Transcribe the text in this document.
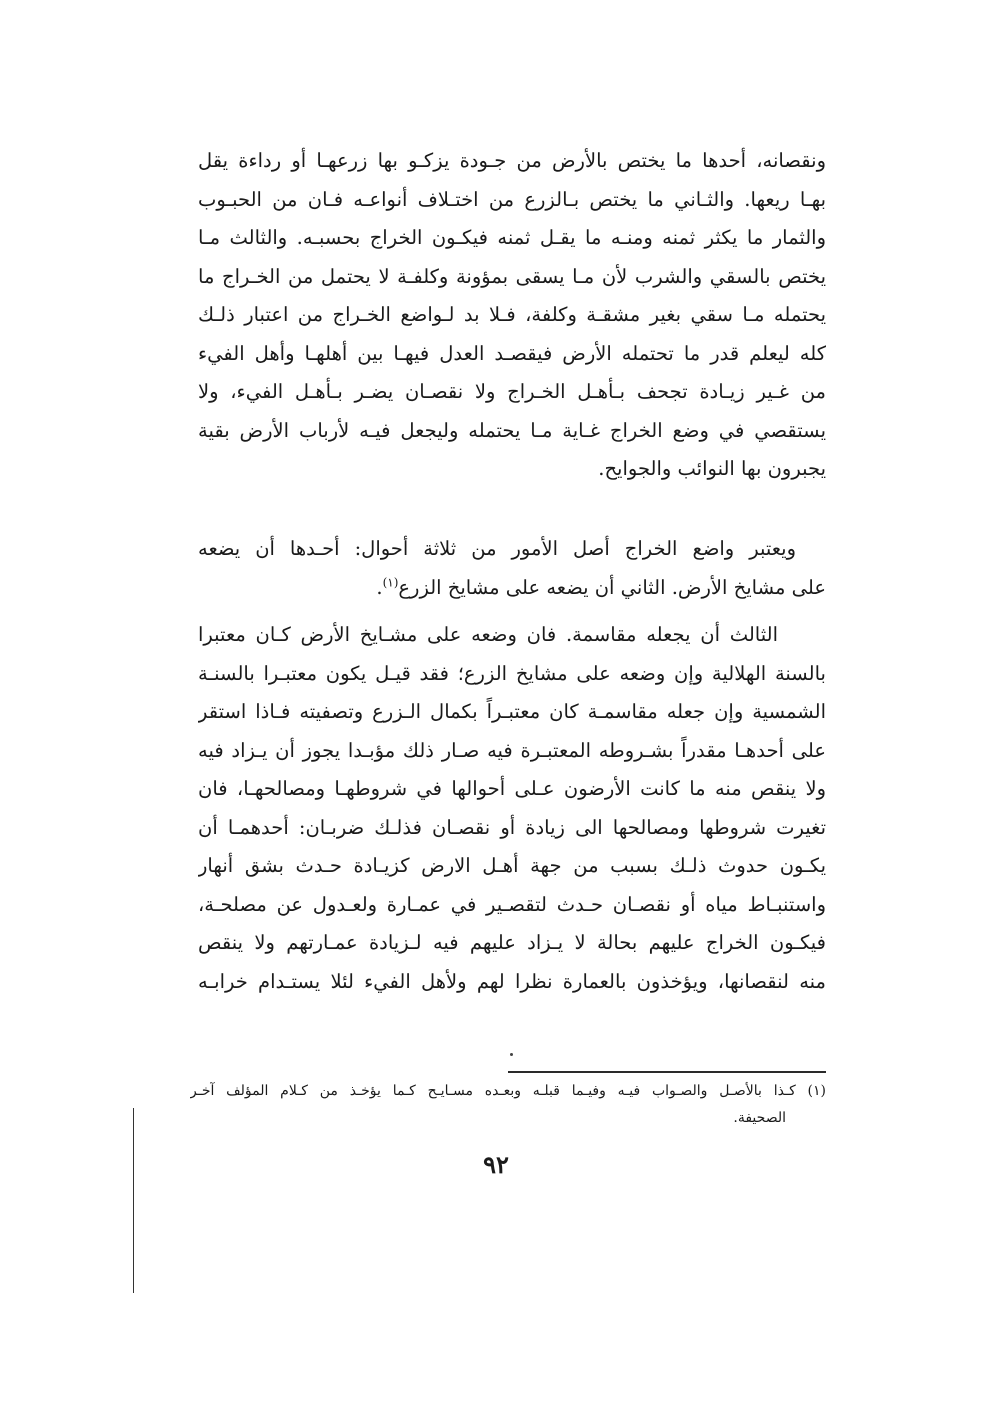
ونقصانه، أحدها ما يختص بالأرض من جـودة يزكـو بها زرعهـا أو رداءة يقل
بهـا ريعها. والثـاني ما يختص بـالزرع من اختـلاف أنواعـه فـان من الحبـوب
والثمار ما يكثر ثمنه ومنـه ما يقـل ثمنه فيكـون الخراج بحسبـه. والثالث مـا
يختص بالسقي والشرب لأن مـا يسقى بمؤونة وكلفـة لا يحتمل من الخـراج ما
يحتمله مـا سقي بغير مشقـة وكلفة، فـلا بد لـواضع الخـراج من اعتبار ذلـك
كله ليعلم قدر ما تحتمله الأرض فيقصـد العدل فيهـا بين أهلهـا وأهل الفيء
من غـير زيـادة تجحف بـأهـل الخـراج ولا نقصـان يضـر بـأهـل الفيء، ولا
يستقصي في وضع الخراج غـاية مـا يحتمله وليجعل فيـه لأرباب الأرض بقية
يجبرون بها النوائب والجوايح.
ويعتبر واضع الخراج أصل الأمور من ثلاثة أحوال: أحـدها أن يضعه
على مشايخ الأرض. الثاني أن يضعه على مشايخ الزرع$^{(١)}$.
الثالث أن يجعله مقاسمة. فان وضعه على مشـايخ الأرض كـان معتبرا
بالسنة الهلالية وإن وضعه على مشايخ الزرع؛ فقد قيـل يكون معتبـرا بالسنـة
الشمسية وإن جعله مقاسمـة كان معتبـراً بكمال الـزرع وتصفيته فـاذا استقر
على أحدهـا مقدراً بشـروطه المعتبـرة فيه صـار ذلك مؤبـدا يجوز أن يـزاد فيه
ولا ينقص منه ما كانت الأرضون عـلى أحوالها في شروطهـا ومصالحهـا، فان
تغيرت شروطها ومصالحها الى زيادة أو نقصـان فذلـك ضربـان: أحدهمـا أن
يكـون حدوث ذلـك بسبب من جهة أهـل الارض كزيـادة حـدث بشق أنهار
واستنبـاط مياه أو نقصـان حـدث لتقصـير في عمـارة ولعـدول عن مصلحـة،
فيكـون الخراج عليهم بحالة لا يـزاد عليهم فيه لـزيادة عمـارتهم ولا ينقص
منه لنقصانها، ويؤخذون بالعمارة نظرا لهم ولأهل الفيء لئلا يستـدام خرابـه
(١) كـذا بالأصـل والصـواب فيـه وفيـما قبلـه وبعـده مسـايـح كـما يؤخـذ من كـلام المؤلف آخـر
الصحيفة.
٩٢
